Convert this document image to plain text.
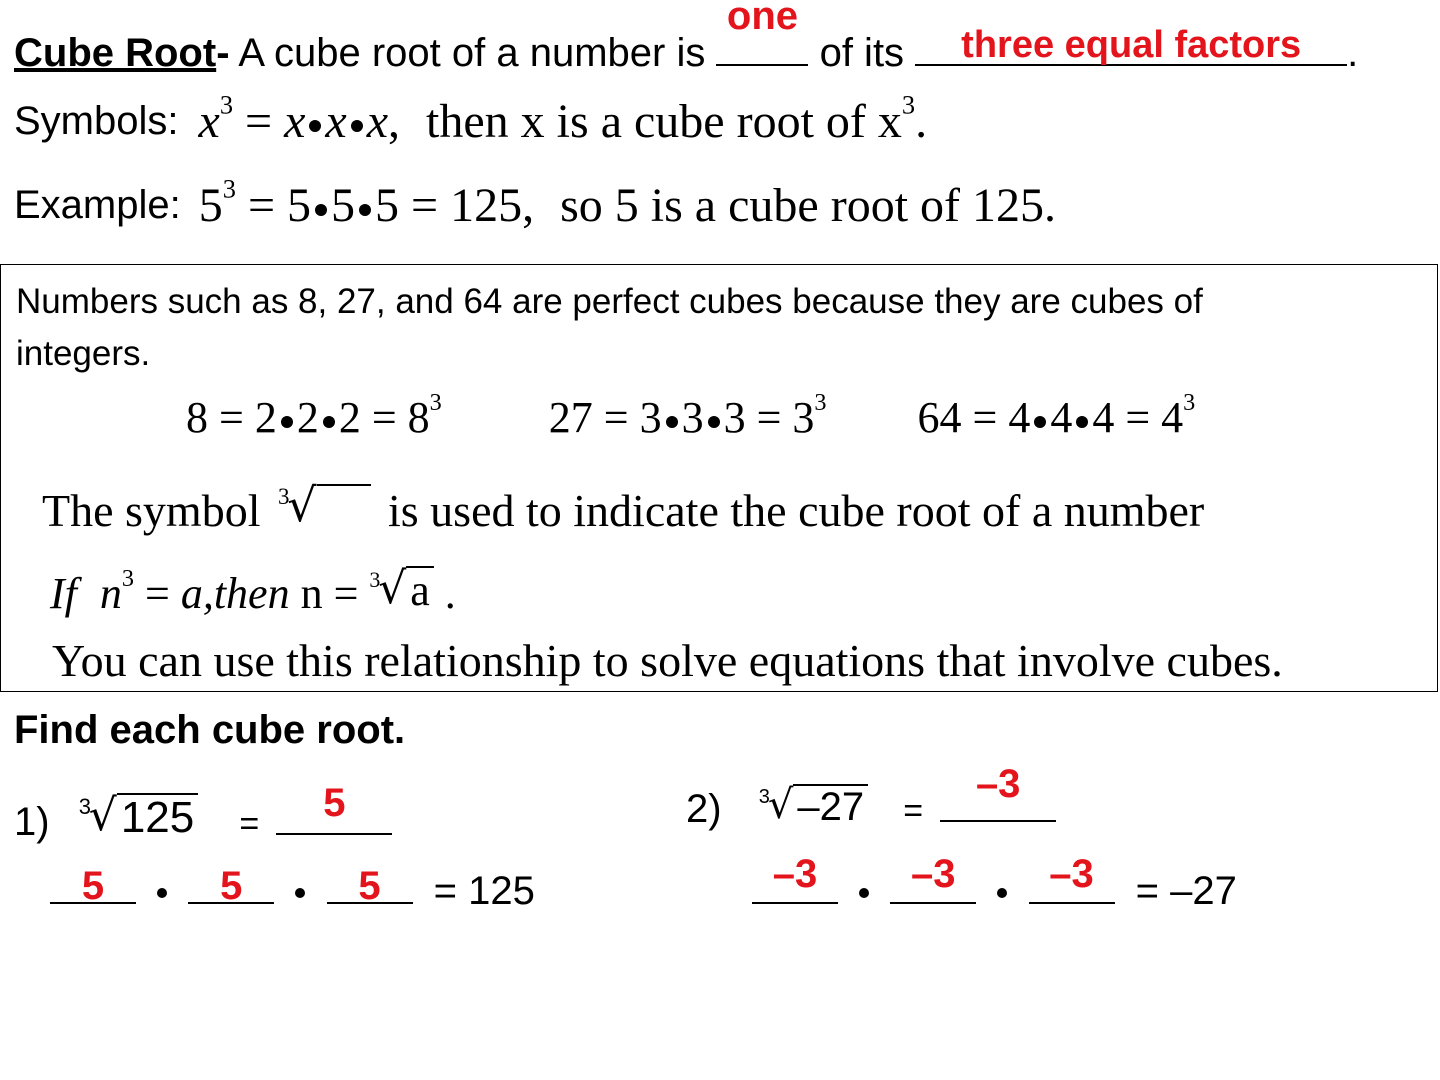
Cube Root- A cube root of a number is
one
of its	three equal factors	.
Symbols: $x^3 = x$ x x, then x is a cube root of $x^3$.
Example: $5^3 = 5$ 5 5 = 125, so 5 is a cube root of 125.
Numbers such as 8, 27, and 64 are perfect cubes because they are cubes of integers.
8 = 2 2 $2 = 8^3$ 27 = 3 3 $3 = 3^3$ 64 = 4 4 $4 = 4^3$
The symbol 3
√ is used to indicate the cube root of a number
If $n^3$ = a,then n = 3
√ a .
You can use this relationship to solve equations that involve cubes.
Find each cube root.
1) 3
√ 125 =	5
5
	5
	5	= 125
2) 3
√ –27 =
–3
–3
	–3
	–3	= –27
